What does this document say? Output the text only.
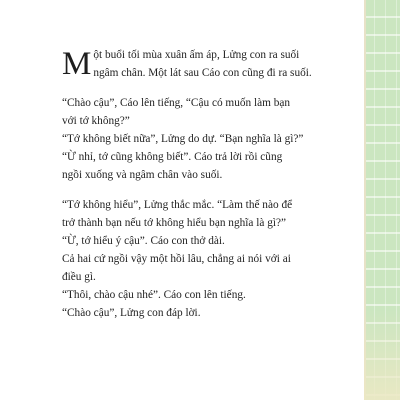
M ột buổi tối mùa xuân ấm áp, Lửng con ra suối
ngâm chân. Một lát sau Cáo con cũng đi ra suối.

“Chào cậu”, Cáo lên tiếng, “Cậu có muốn làm bạn
với tớ không?”
“Tớ không biết nữa”, Lửng do dự. “Bạn nghĩa là gì?”
“Ừ nhỉ, tớ cũng không biết”. Cáo trả lời rồi cũng
ngồi xuống và ngâm chân vào suối.

“Tớ không hiểu”, Lửng thắc mắc. “Làm thế nào để
trở thành bạn nếu tớ không hiểu bạn nghĩa là gì?”
“Ừ, tớ hiểu ý cậu”. Cáo con thở dài.
Cả hai cứ ngồi vậy một hồi lâu, chẳng ai nói với ai
điều gì.
“Thôi, chào cậu nhé”. Cáo con lên tiếng.
“Chào cậu”, Lửng con đáp lời.
